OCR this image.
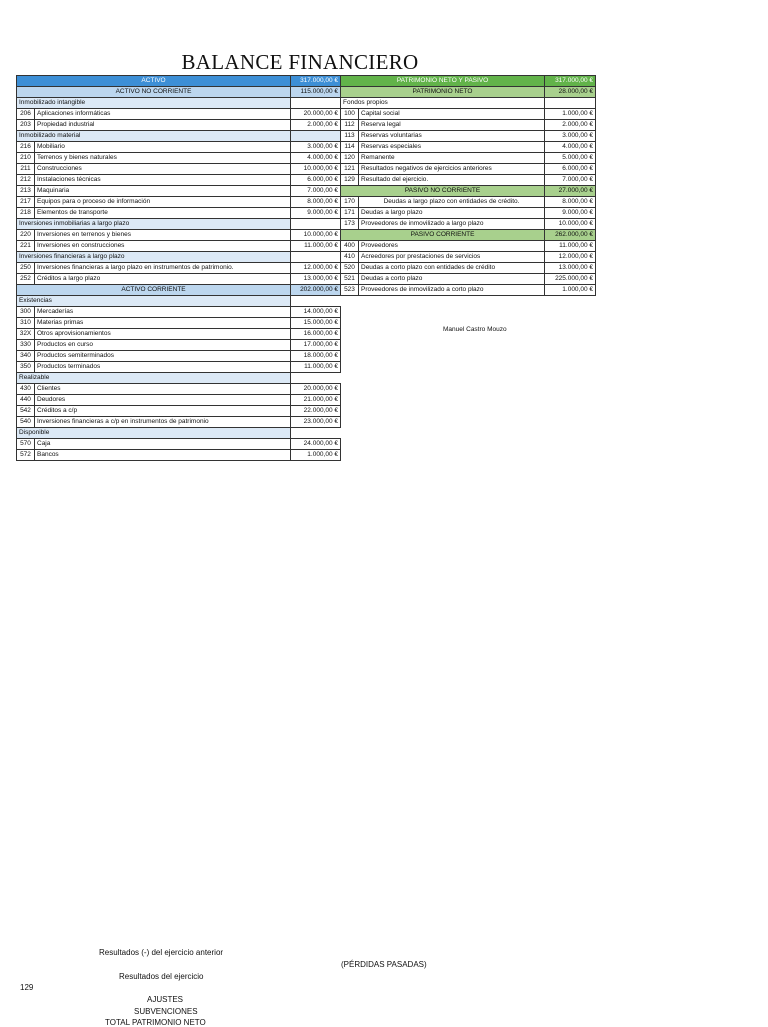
BALANCE FINANCIERO
ACTIVO		317.000,00 €
ACTIVO NO CORRIENTE		115.000,00 €
Inmobilizado intangible		
206	Aplicaciones informáticas	20.000,00 €
203	Propiedad industrial	2.000,00 €
Inmobilizado material		
216	Mobiliario	3.000,00 €
210	Terrenos y bienes naturales	4.000,00 €
211	Construcciones	10.000,00 €
212	Instalaciones técnicas	6.000,00 €
213	Maquinaria	7.000,00 €
217	Equipos para o proceso de información	8.000,00 €
218	Elementos de transporte	9.000,00 €
Inversiones inmobiliarias a largo plazo		
220	Inversiones en terrenos y bienes	10.000,00 €
221	Inversiones en construcciones	11.000,00 €
Inversiones financieras a largo plazo		
250	Inversiones financieras a largo plazo en instrumentos de patrimonio.	12.000,00 €
252	Créditos a largo plazo	13.000,00 €
ACTIVO CORRIENTE		202.000,00 €
Existencias		
300	Mercaderías	14.000,00 €
310	Materias primas	15.000,00 €
32X	Otros aprovisionamientos	16.000,00 €
330	Productos en curso	17.000,00 €
340	Productos semiterminados	18.000,00 €
350	Productos terminados	11.000,00 €
Realizable		
430	Clientes	20.000,00 €
440	Deudores	21.000,00 €
542	Créditos a c/p	22.000,00 €
540	Inversiones financieras a c/p en instrumentos de patrimonio	23.000,00 €
Disponible		
570	Caja	24.000,00 €
572	Bancos	1.000,00 €
PATRIMONIO NETO Y PASIVO		317.000,00 €
PATRIMONIO NETO		28.000,00 €
Fondos propios		
100	Capital social	1.000,00 €
112	Reserva legal	2.000,00 €
113	Reservas voluntarias	3.000,00 €
114	Reservas especiales	4.000,00 €
120	Remanente	5.000,00 €
121	Resultados negativos de ejercicios anteriores	6.000,00 €
129	Resultado del ejercicio.	7.000,00 €
PASIVO NO CORRIENTE		27.000,00 €
170	Deudas a largo plazo con entidades de crédito.	8.000,00 €
171	Deudas a largo plazo	9.000,00 €
173	Proveedores de inmovilizado a largo plazo	10.000,00 €
PASIVO CORRIENTE		262.000,00 €
400	Proveedores	11.000,00 €
410	Acreedores por prestaciones de servicios	12.000,00 €
520	Deudas a corto plazo con entidades de crédito	13.000,00 €
521	Deudas a corto plazo	225.000,00 €
523	Proveedores de inmovilizado a corto plazo	1.000,00 €
Manuel Castro Mouzo
Resultados (-) del ejercicio anterior
(PÉRDIDAS PASADAS)
Resultados del ejercicio
129
AJUSTES
SUBVENCIONES
TOTAL PATRIMONIO NETO
